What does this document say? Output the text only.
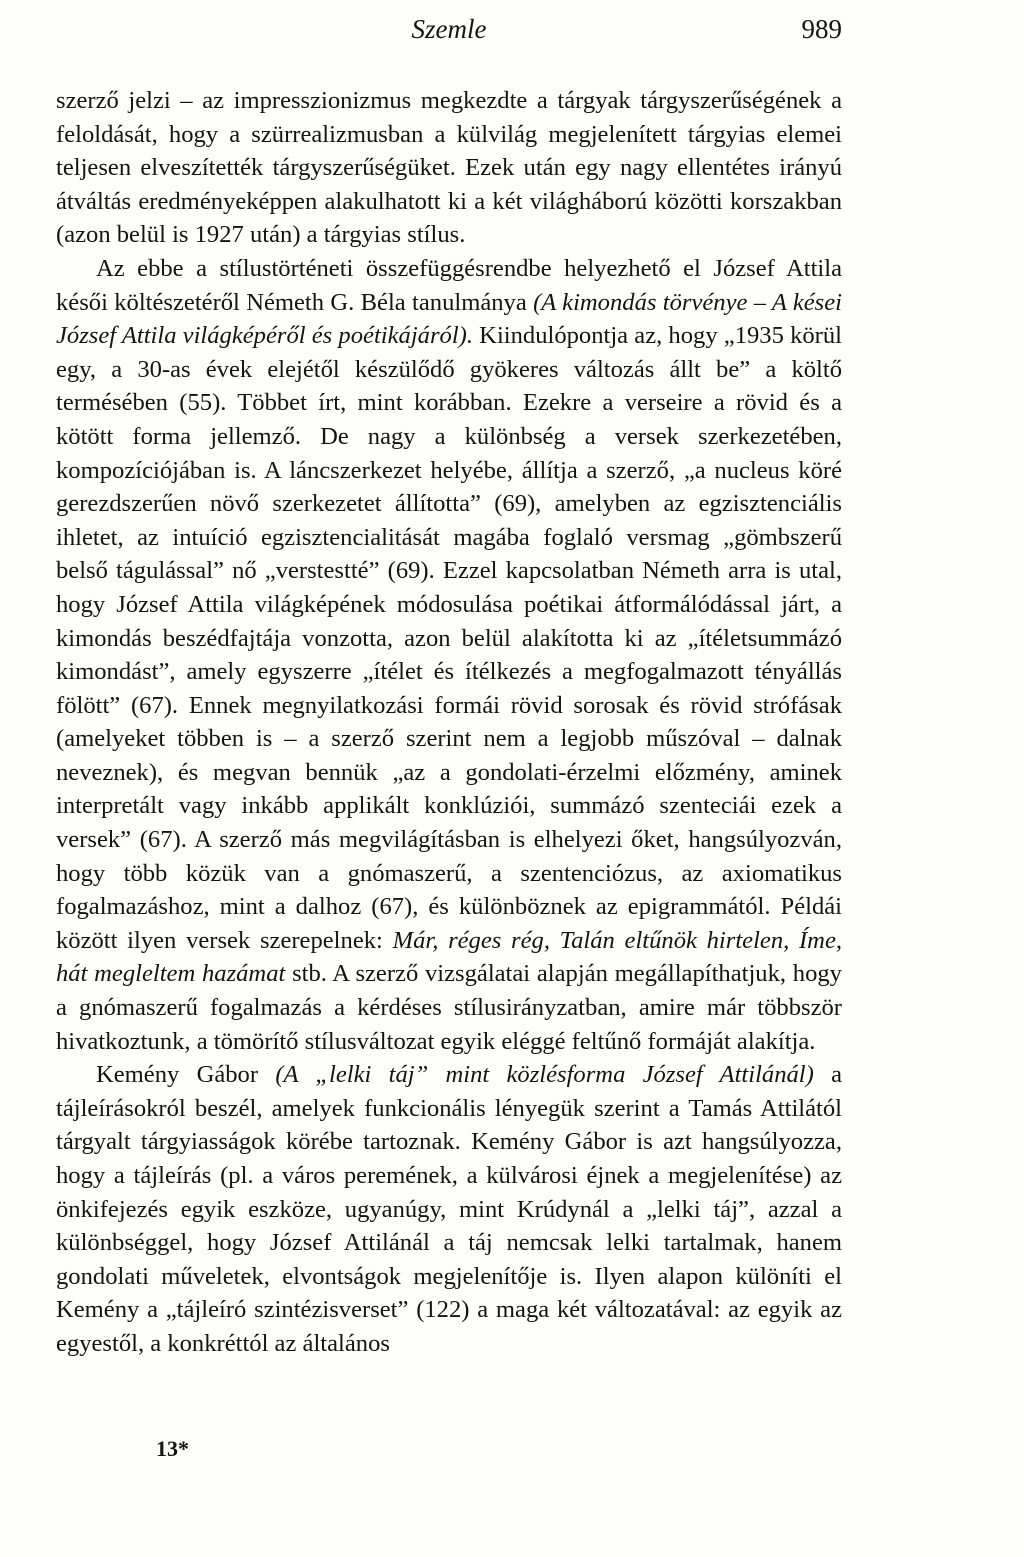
Szemle	989

szerző jelzi – az impresszionizmus megkezdte a tárgyak tárgyszerűségének a feloldását, hogy a szürrealizmusban a külvilág megjelenített tárgyias elemei teljesen elveszítették tárgyszerűségüket. Ezek után egy nagy ellentétes irányú átváltás eredményeképpen alakulhatott ki a két világháború közötti korszakban (azon belül is 1927 után) a tárgyias stílus.

Az ebbe a stílustörténeti összefüggésrendbe helyezhető el József Attila késői költészetéről Németh G. Béla tanulmánya (A kimondás törvénye – A kései József Attila világképéről és poétikájáról). Kiindulópontja az, hogy „1935 körül egy, a 30-as évek elejétől készülődő gyökeres változás állt be” a költő termésében (55). Többet írt, mint korábban. Ezekre a verseire a rövid és a kötött forma jellemző. De nagy a különbség a versek szerkezetében, kompozíciójában is. A láncszerkezet helyébe, állítja a szerző, „a nucleus köré gerezdszerűen növő szerkezetet állította” (69), amelyben az egzisztenciális ihletet, az intuíció egzisztencialitását magába foglaló versmag „gömbszerű belső tágulással” nő „verstestté” (69). Ezzel kapcsolatban Németh arra is utal, hogy József Attila világképének módosulása poétikai átformálódással járt, a kimondás beszédfajtája vonzotta, azon belül alakította ki az „ítéletsummázó kimondást”, amely egyszerre „ítélet és ítélkezés a megfogalmazott tényállás fölött” (67). Ennek megnyilatkozási formái rövid sorosak és rövid strófásak (amelyeket többen is – a szerző szerint nem a legjobb műszóval – dalnak neveznek), és megvan bennük „az a gondolati-érzelmi előzmény, aminek interpretált vagy inkább applikált konklúziói, summázó szenteciái ezek a versek” (67). A szerző más megvilágításban is elhelyezi őket, hangsúlyozván, hogy több közük van a gnómaszerű, a szentenciózus, az axiomatikus fogalmazáshoz, mint a dalhoz (67), és különböznek az epigrammától. Példái között ilyen versek szerepelnek: Már, réges rég, Talán eltűnök hirtelen, Íme, hát megleltem hazámat stb. A szerző vizsgálatai alapján megállapíthatjuk, hogy a gnómaszerű fogalmazás a kérdéses stílusirányzatban, amire már többször hivatkoztunk, a tömörítő stílusváltozat egyik eléggé feltűnő formáját alakítja.

Kemény Gábor (A „lelki táj” mint közlésforma József Attilánál) a tájleírásokról beszél, amelyek funkcionális lényegük szerint a Tamás Attilától tárgyalt tárgyiasságok körébe tartoznak. Kemény Gábor is azt hangsúlyozza, hogy a tájleírás (pl. a város peremének, a külvárosi éjnek a megjelenítése) az önkifejezés egyik eszköze, ugyanúgy, mint Krúdynál a „lelki táj”, azzal a különbséggel, hogy József Attilánál a táj nemcsak lelki tartalmak, hanem gondolati műveletek, elvontságok megjelenítője is. Ilyen alapon különíti el Kemény a „tájleíró szintézisverset” (122) a maga két változatával: az egyik az egyestől, a konkréttól az általános

13*
